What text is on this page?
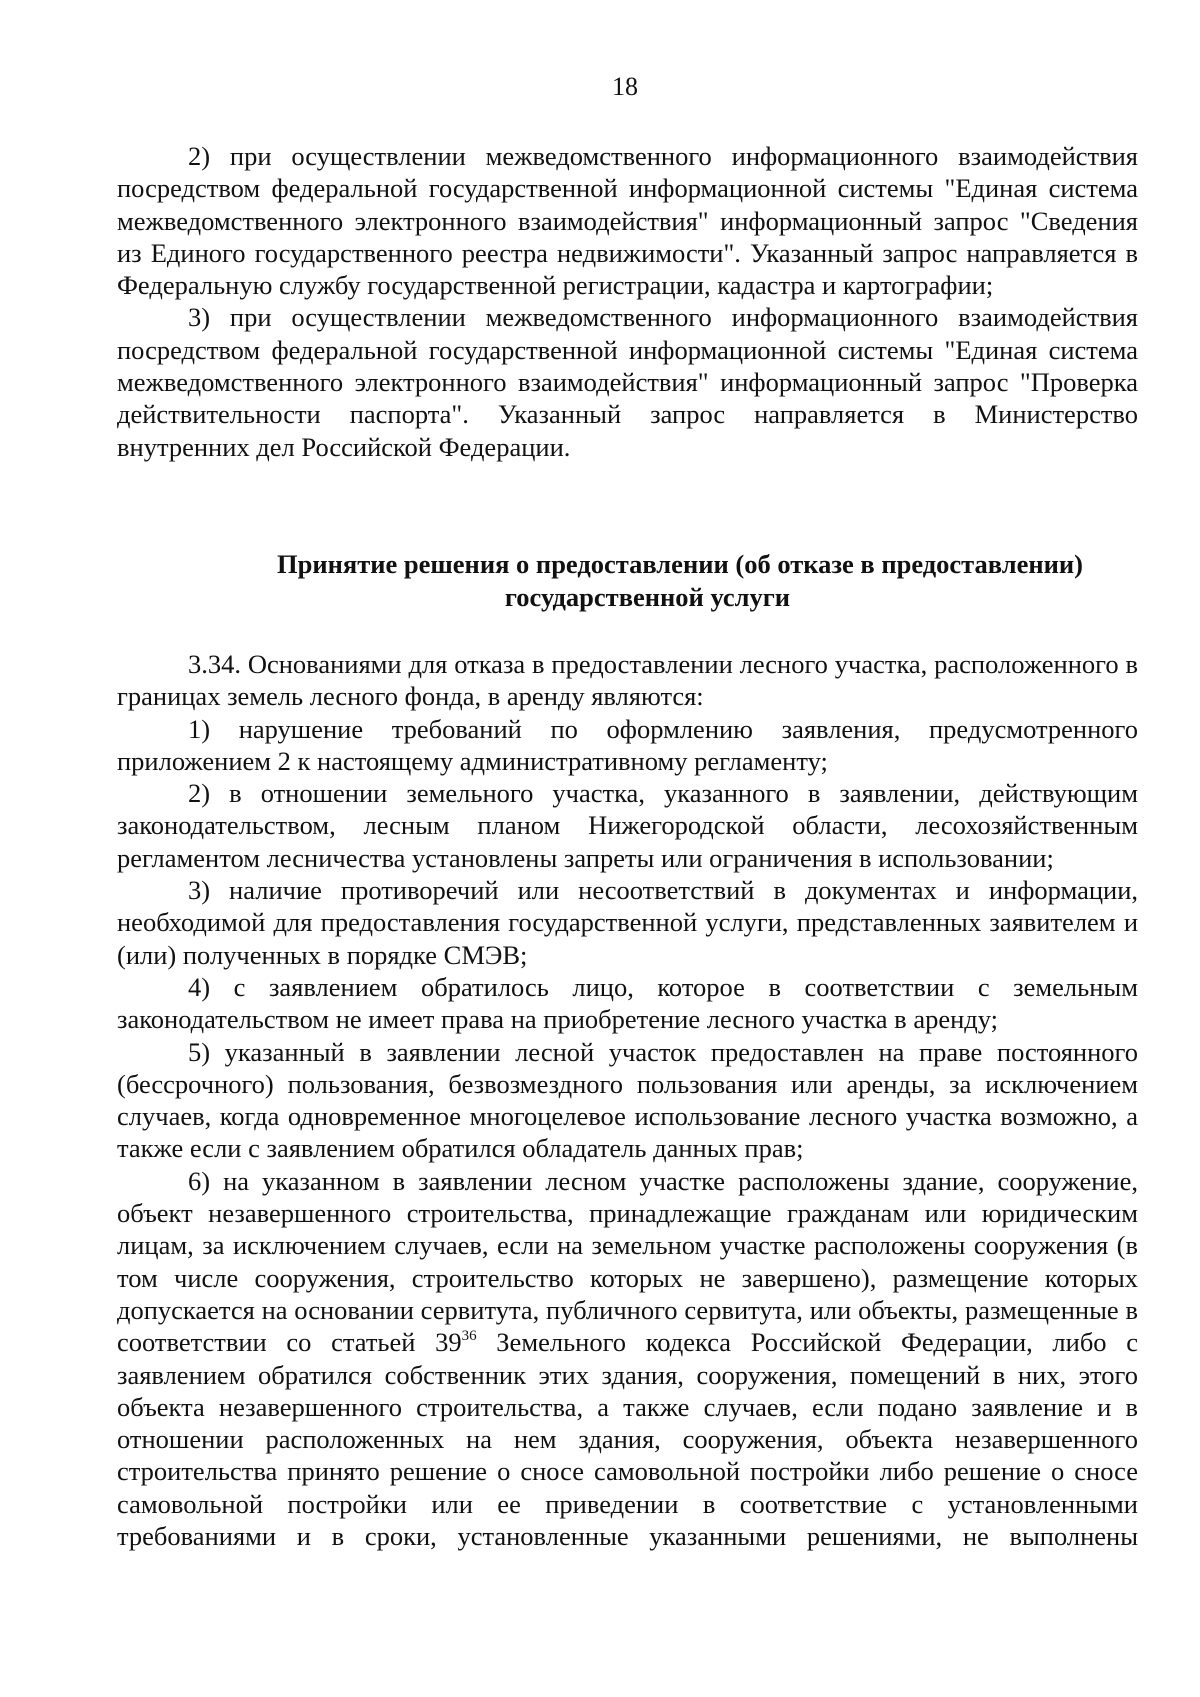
18

2) при осуществлении межведомственного информационного взаимодействия посредством федеральной государственной информационной системы "Единая система межведомственного электронного взаимодействия" информационный запрос "Сведения из Единого государственного реестра недвижимости". Указанный запрос направляется в Федеральную службу государственной регистрации, кадастра и картографии;

3) при осуществлении межведомственного информационного взаимодействия посредством федеральной государственной информационной системы "Единая система межведомственного электронного взаимодействия" информационный запрос "Проверка действительности паспорта". Указанный запрос направляется в Министерство внутренних дел Российской Федерации.

Принятие решения о предоставлении (об отказе в предоставлении)
государственной услуги

3.34. Основаниями для отказа в предоставлении лесного участка, расположенного в границах земель лесного фонда, в аренду являются:

1) нарушение требований по оформлению заявления, предусмотренного приложением 2 к настоящему административному регламенту;

2) в отношении земельного участка, указанного в заявлении, действующим законодательством, лесным планом Нижегородской области, лесохозяйственным регламентом лесничества установлены запреты или ограничения в использовании;

3) наличие противоречий или несоответствий в документах и информации, необходимой для предоставления государственной услуги, представленных заявителем и (или) полученных в порядке СМЭВ;

4) с заявлением обратилось лицо, которое в соответствии с земельным законодательством не имеет права на приобретение лесного участка в аренду;

5) указанный в заявлении лесной участок предоставлен на праве постоянного (бессрочного) пользования, безвозмездного пользования или аренды, за исключением случаев, когда одновременное многоцелевое использование лесного участка возможно, а также если с заявлением обратился обладатель данных прав;

6) на указанном в заявлении лесном участке расположены здание, сооружение, объект незавершенного строительства, принадлежащие гражданам или юридическим лицам, за исключением случаев, если на земельном участке расположены сооружения (в том числе сооружения, строительство которых не завершено), размещение которых допускается на основании сервитута, публичного сервитута, или объекты, размещенные в соответствии со статьей $39^{36}$ Земельного кодекса Российской Федерации, либо с заявлением обратился собственник этих здания, сооружения, помещений в них, этого объекта незавершенного строительства, а также случаев, если подано заявление и в отношении расположенных на нем здания, сооружения, объекта незавершенного строительства принято решение о сносе самовольной постройки либо решение о сносе самовольной постройки или ее приведении в соответствие с установленными требованиями и в сроки, установленные указанными решениями, не выполнены
